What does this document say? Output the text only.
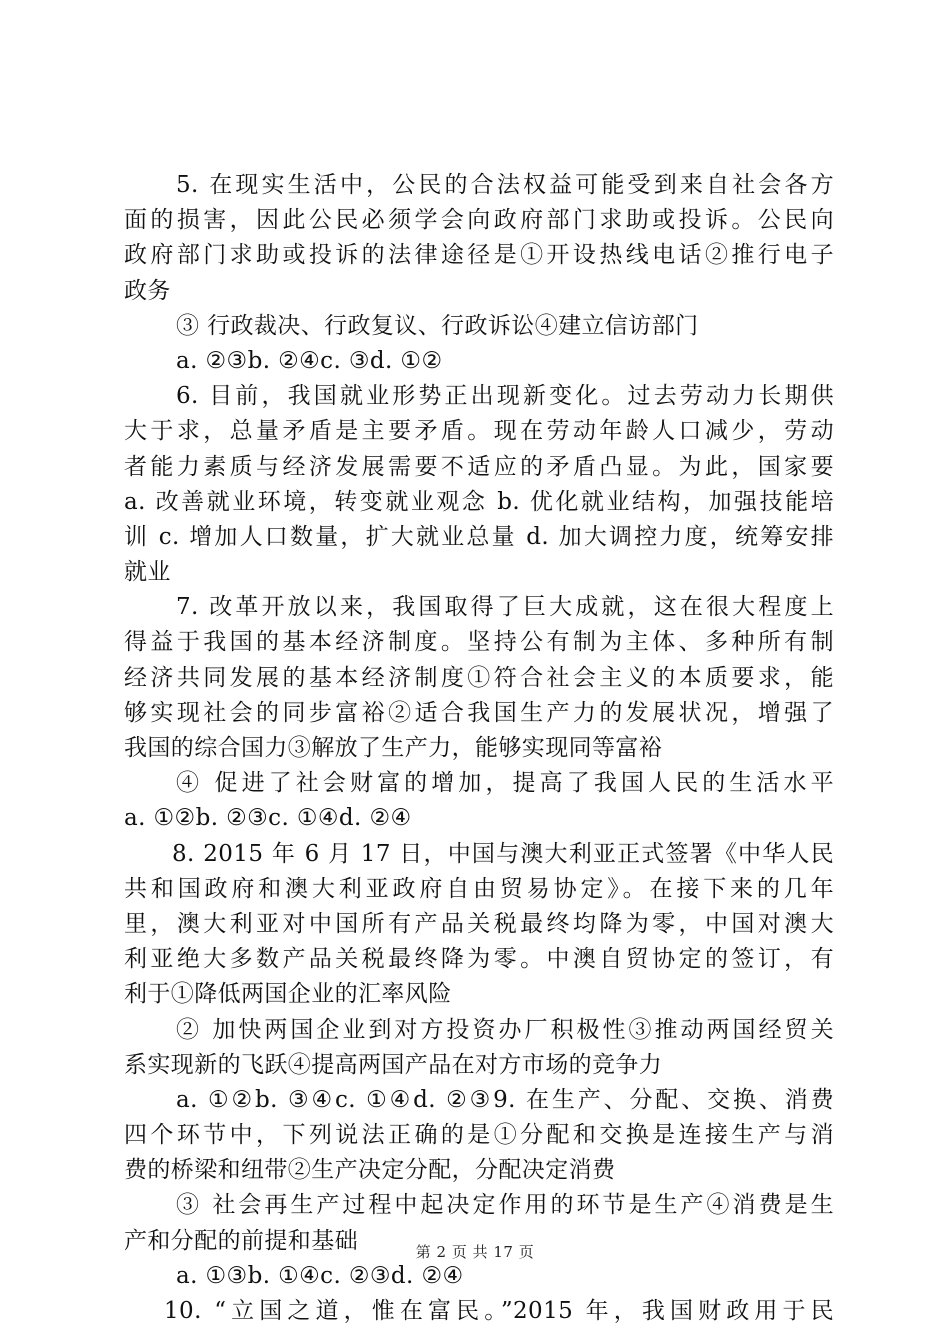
5. 在现实生活中，公民的合法权益可能受到来自社会各方
面的损害，因此公民必须学会向政府部门求助或投诉。公民向
政府部门求助或投诉的法律途径是①开设热线电话②推行电子
政务
③ 行政裁决、行政复议、行政诉讼④建立信访部门
a. ②③b. ②④c. ③d. ①②
6. 目前，我国就业形势正出现新变化。过去劳动力长期供
大于求，总量矛盾是主要矛盾。现在劳动年龄人口减少，劳动
者能力素质与经济发展需要不适应的矛盾凸显。为此，国家要
a. 改善就业环境，转变就业观念 b. 优化就业结构，加强技能培
训 c. 增加人口数量，扩大就业总量 d. 加大调控力度，统筹安排
就业
7. 改革开放以来，我国取得了巨大成就，这在很大程度上
得益于我国的基本经济制度。坚持公有制为主体、多种所有制
经济共同发展的基本经济制度①符合社会主义的本质要求，能
够实现社会的同步富裕②适合我国生产力的发展状况，增强了
我国的综合国力③解放了生产力，能够实现同等富裕
④ 促进了社会财富的增加，提高了我国人民的生活水平
a. ①②b. ②③c. ①④d. ②④
8. 2015 年 6 月 17 日，中国与澳大利亚正式签署《中华人民
共和国政府和澳大利亚政府自由贸易协定》。在接下来的几年
里，澳大利亚对中国所有产品关税最终均降为零，中国对澳大
利亚绝大多数产品关税最终降为零。中澳自贸协定的签订，有
利于①降低两国企业的汇率风险
② 加快两国企业到对方投资办厂积极性③推动两国经贸关
系实现新的飞跃④提高两国产品在对方市场的竞争力
a. ①②b. ③④c. ①④d. ②③9. 在生产、分配、交换、消费
四个环节中，下列说法正确的是①分配和交换是连接生产与消
费的桥梁和纽带②生产决定分配，分配决定消费
③ 社会再生产过程中起决定作用的环节是生产④消费是生
产和分配的前提和基础
a. ①③b. ①④c. ②③d. ②④
10. “立国之道，惟在富民。”2015 年，我国财政用于民
第 2 页 共 17 页
